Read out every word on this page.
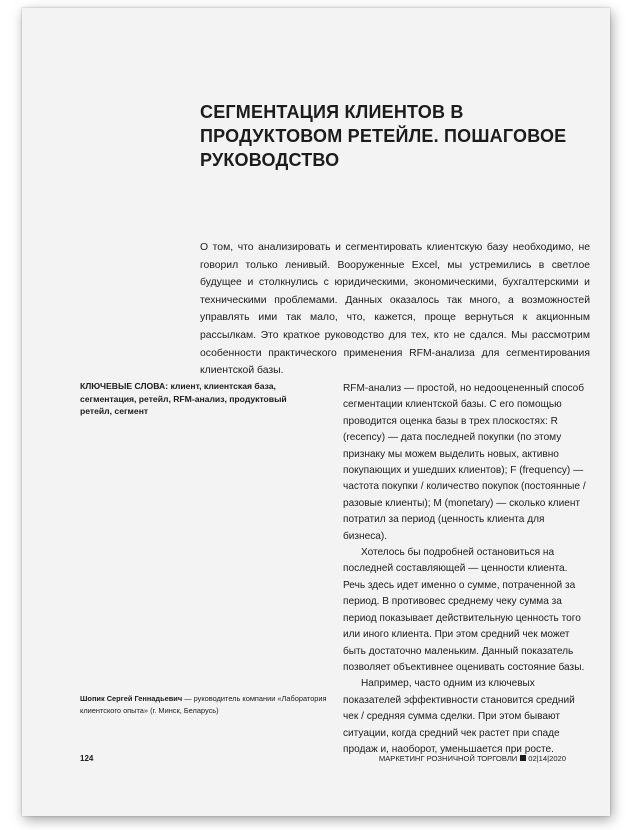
СЕГМЕНТАЦИЯ КЛИЕНТОВ В ПРОДУКТОВОМ РЕТЕЙЛЕ. ПОШАГОВОЕ РУКОВОДСТВО

О том, что анализировать и сегментировать клиентскую базу необходимо, не говорил только ленивый. Вооруженные Excel, мы устремились в светлое будущее и столкнулись с юридическими, экономическими, бухгалтерскими и техническими проблемами. Данных оказалось так много, а возможностей управлять ими так мало, что, кажется, проще вернуться к акционным рассылкам. Это краткое руководство для тех, кто не сдался. Мы рассмотрим особенности практического применения RFM-анализа для сегментирования клиентской базы.

КЛЮЧЕВЫЕ СЛОВА: клиент, клиентская база, сегментация, ретейл, RFM-анализ, продуктовый ретейл, сегмент

RFM-анализ — простой, но недооцененный способ сегментации клиентской базы. С его помощью проводится оценка базы в трех плоскостях: R (recency) — дата последней покупки (по этому признаку мы можем выделить новых, активно покупающих и ушедших клиентов); F (frequency) — частота покупки / количество покупок (постоянные / разовые клиенты); M (monetary) — сколько клиент потратил за период (ценность клиента для бизнеса).

Хотелось бы подробней остановиться на последней составляющей — ценности клиента. Речь здесь идет именно о сумме, потраченной за период. В противовес среднему чеку сумма за период показывает действительную ценность того или иного клиента. При этом средний чек может быть достаточно маленьким. Данный показатель позволяет объективнее оценивать состояние базы.

Например, часто одним из ключевых показателей эффективности становится средний чек / средняя сумма сделки. При этом бывают ситуации, когда средний чек растет при спаде продаж и, наоборот, уменьшается при росте.

Шопик Сергей Геннадьевич — руководитель компании «Лаборатория клиентского опыта» (г. Минск, Беларусь)

124	МАРКЕТИНГ РОЗНИЧНОЙ ТОРГОВЛИ 02|14|2020
